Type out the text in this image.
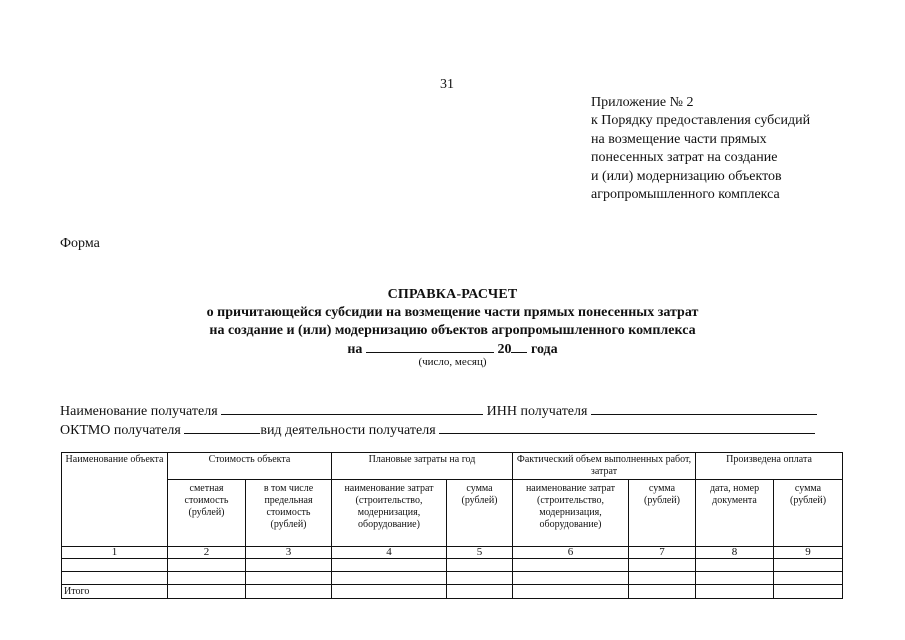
31
Приложение № 2
к Порядку предоставления субсидий
на возмещение части прямых
понесенных затрат на создание
и (или) модернизацию объектов
агропромышленного комплекса
Форма
СПРАВКА-РАСЧЕТ
о причитающейся субсидии на возмещение части прямых понесенных затрат
на создание и (или) модернизацию объектов агропромышленного комплекса
на	20 года
(число, месяц)
Наименование получателя	ИНН получателя
ОКТМО получателя	вид деятельности получателя
Наименование объекта	Стоимость объекта		Плановые затраты на год		Фактический объем выполненных работ, затрат		Произведена оплата	
	сметная стоимость (рублей)	в том числе предельная стоимость (рублей)	наименование затрат (строительство, модернизация, оборудование)	сумма (рублей)	наименование затрат (строительство, модернизация, оборудование)	сумма (рублей)	дата, номер документа	сумма (рублей)
1	2	3	4	5	6	7	8	9

Итого								
